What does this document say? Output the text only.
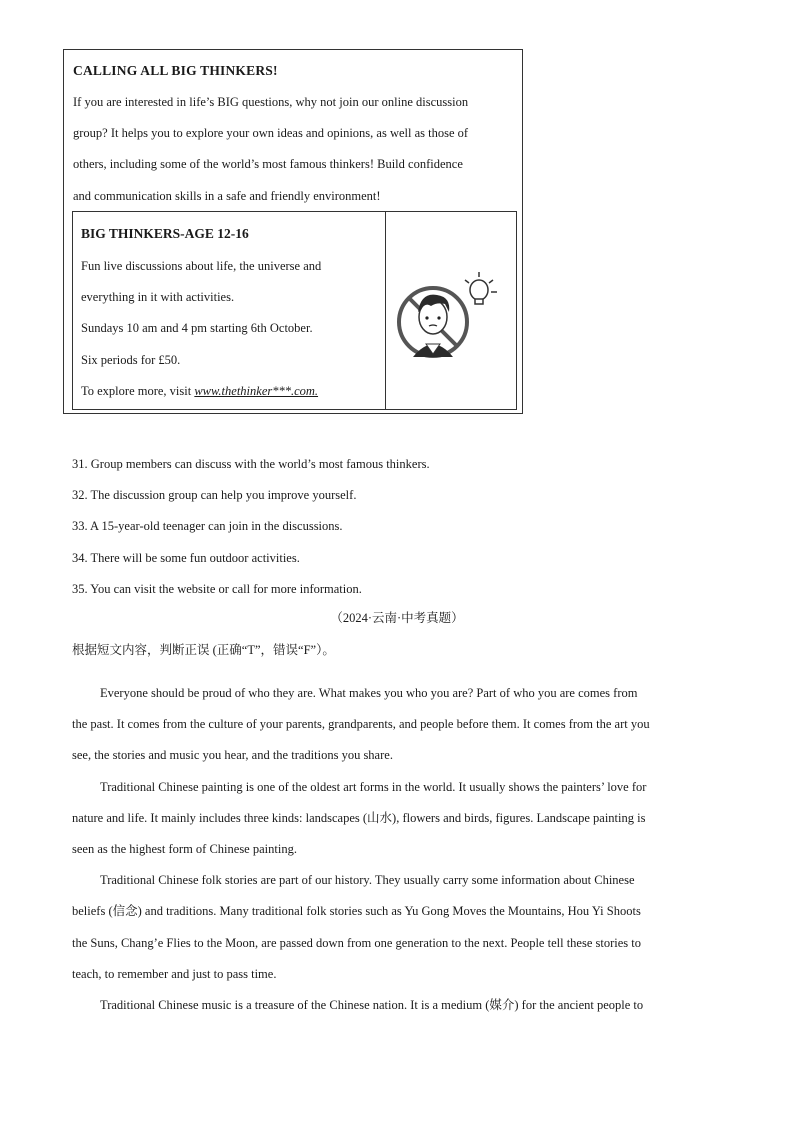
CALLING ALL BIG THINKERS!
If you are interested in life’s BIG questions, why not join our online discussion
group? It helps you to explore your own ideas and opinions, as well as those of
others, including some of the world’s most famous thinkers! Build confidence
and communication skills in a safe and friendly environment!
BIG THINKERS-AGE 12-16
Fun live discussions about life, the universe and
everything in it with activities.
Sundays 10 am and 4 pm starting 6th October.
Six periods for £50.
To explore more, visit www.thethinker***.com.
31. Group members can discuss with the world’s most famous thinkers.
32. The discussion group can help you improve yourself.
33. A 15-year-old teenager can join in the discussions.
34. There will be some fun outdoor activities.
35. You can visit the website or call for more information.
（2024·云南·中考真题）
根据短文内容，判断正误 (正确“T”，错误“F”）。
Everyone should be proud of who they are. What makes you who you are? Part of who you are comes from
the past. It comes from the culture of your parents, grandparents, and people before them. It comes from the art you
see, the stories and music you hear, and the traditions you share.
Traditional Chinese painting is one of the oldest art forms in the world. It usually shows the painters’ love for
nature and life. It mainly includes three kinds: landscapes (山水), flowers and birds, figures. Landscape painting is
seen as the highest form of Chinese painting.
Traditional Chinese folk stories are part of our history. They usually carry some information about Chinese
beliefs (信念) and traditions. Many traditional folk stories such as Yu Gong Moves the Mountains, Hou Yi Shoots
the Suns, Chang’e Flies to the Moon, are passed down from one generation to the next. People tell these stories to
teach, to remember and just to pass time.
Traditional Chinese music is a treasure of the Chinese nation. It is a medium (媒介) for the ancient people to
